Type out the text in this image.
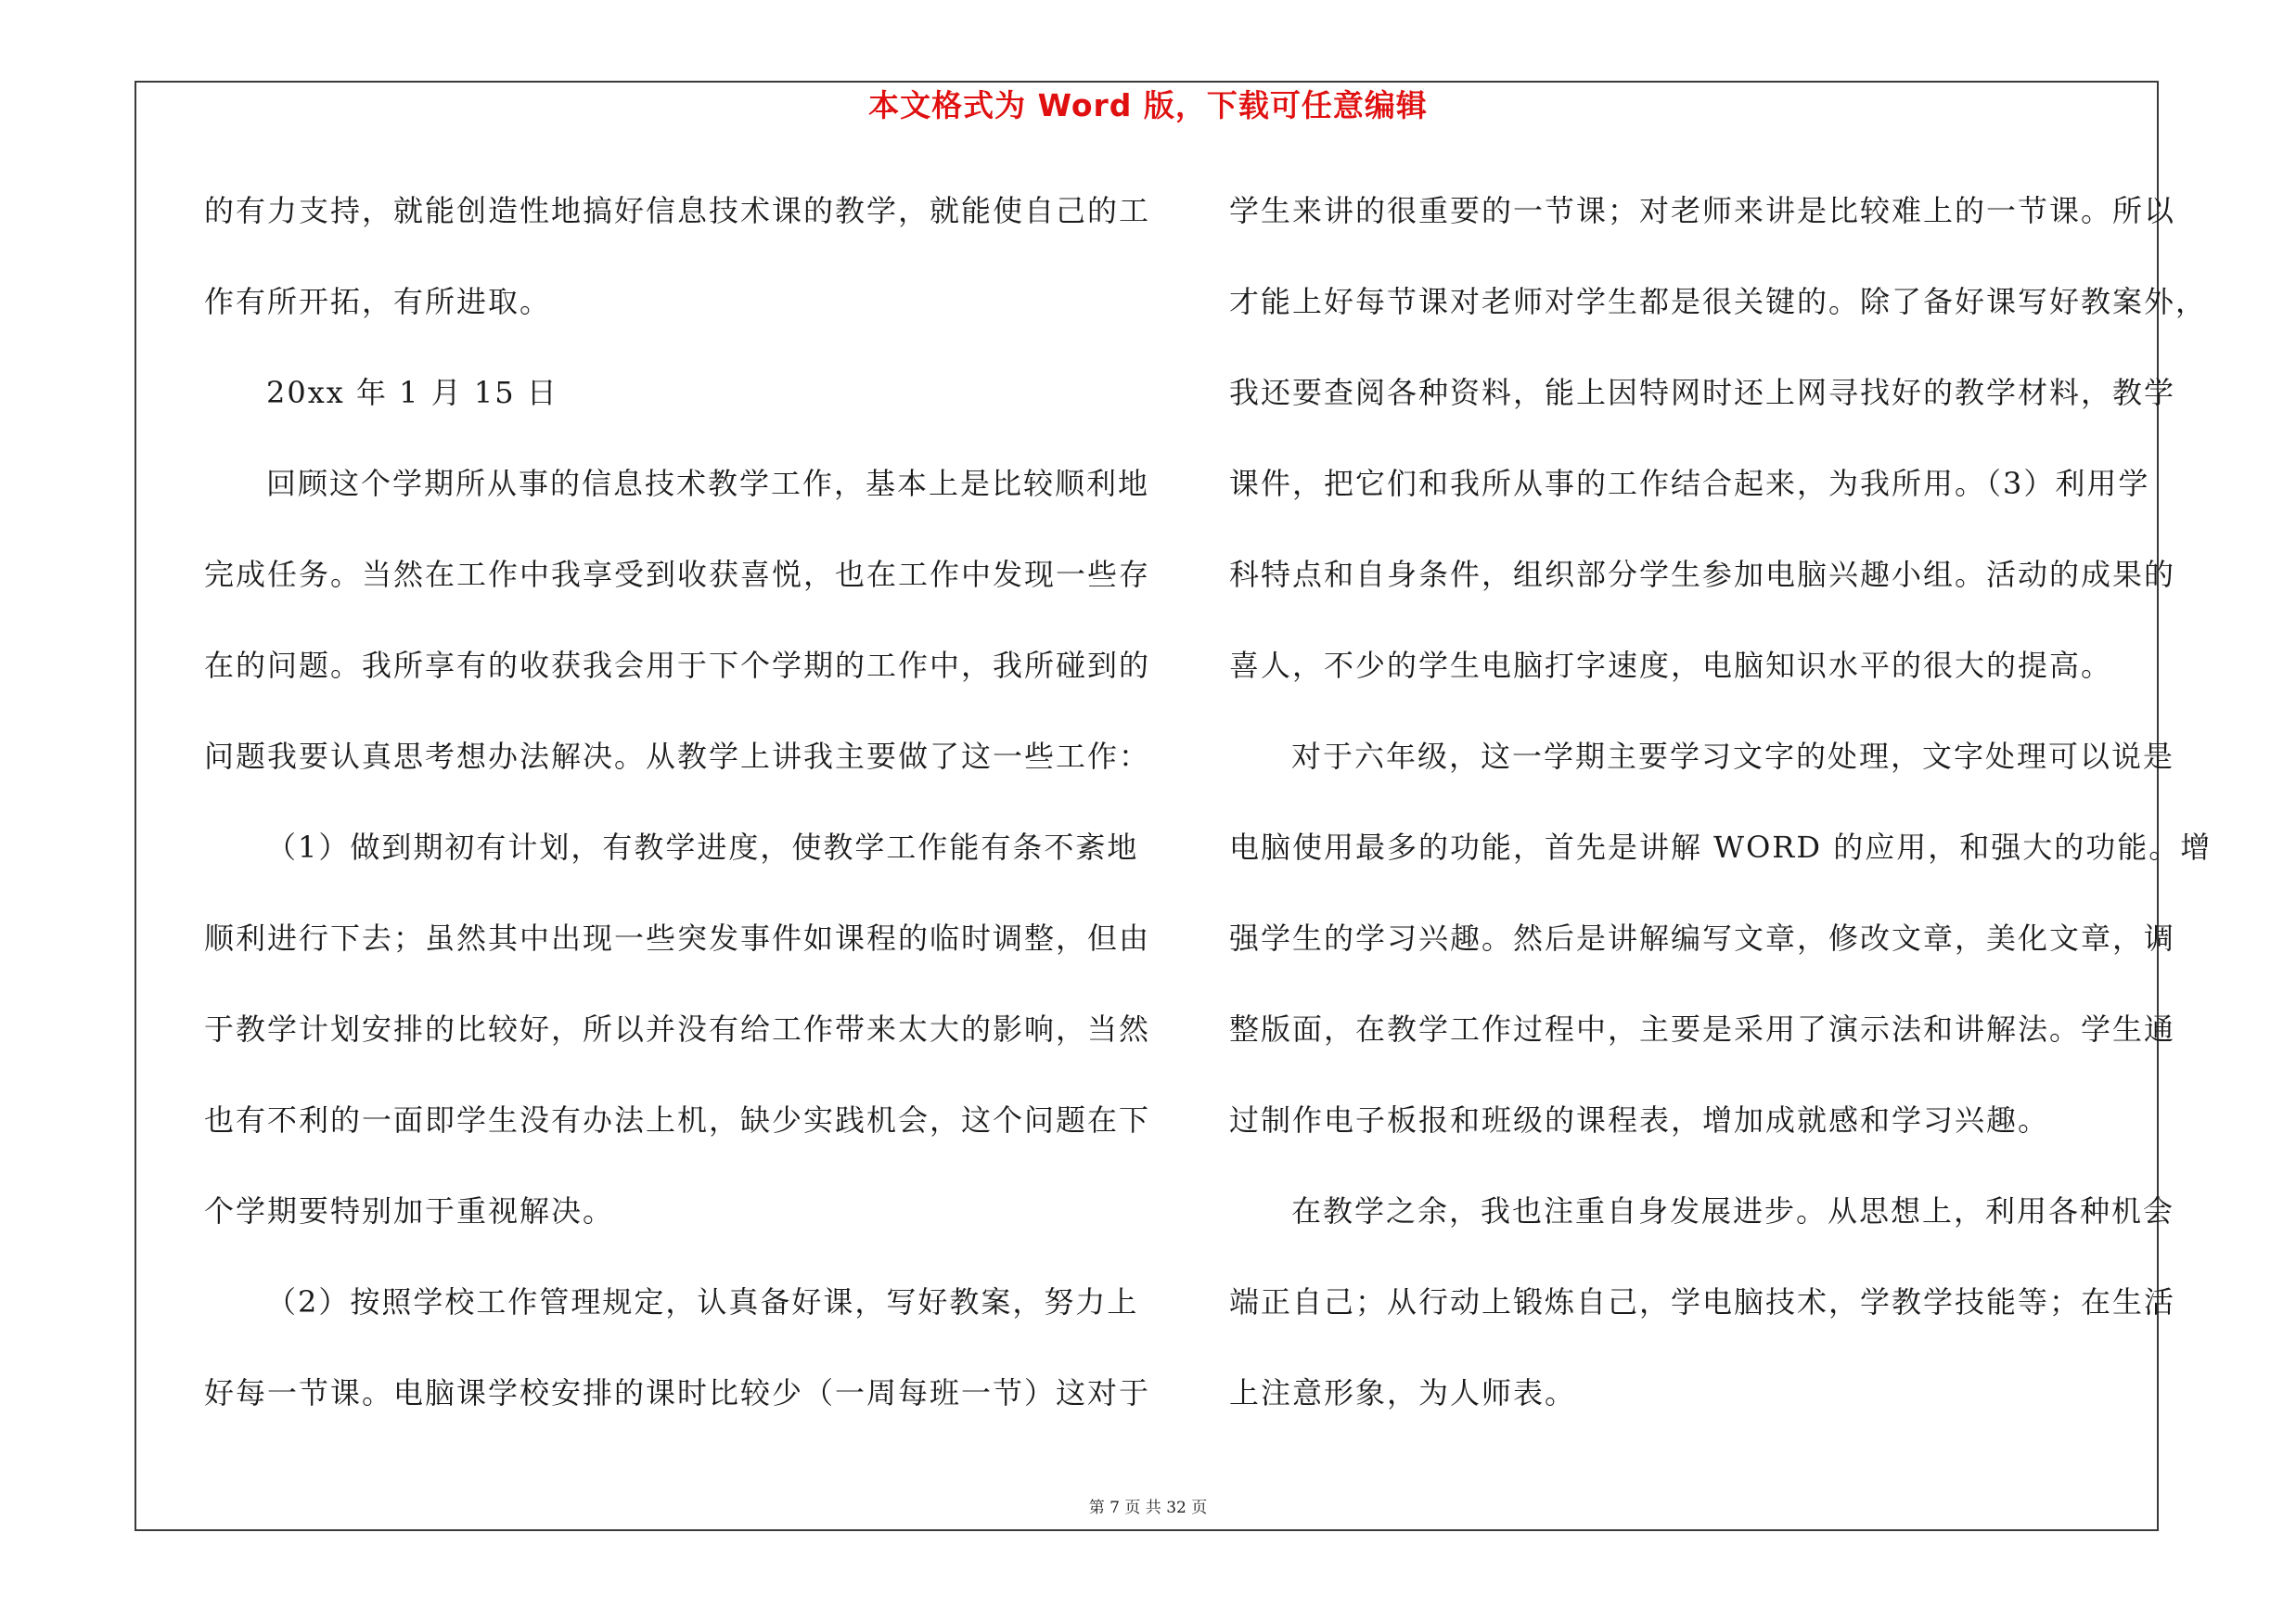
本文格式为 Word 版，下载可任意编辑
的有力支持，就能创造性地搞好信息技术课的教学，就能使自己的工
作有所开拓，有所进取。
20xx 年 1 月 15 日
回顾这个学期所从事的信息技术教学工作，基本上是比较顺利地
完成任务。当然在工作中我享受到收获喜悦，也在工作中发现一些存
在的问题。我所享有的收获我会用于下个学期的工作中，我所碰到的
问题我要认真思考想办法解决。从教学上讲我主要做了这一些工作：
（1）做到期初有计划，有教学进度，使教学工作能有条不紊地
顺利进行下去；虽然其中出现一些突发事件如课程的临时调整，但由
于教学计划安排的比较好，所以并没有给工作带来太大的影响，当然
也有不利的一面即学生没有办法上机，缺少实践机会，这个问题在下
个学期要特别加于重视解决。
（2）按照学校工作管理规定，认真备好课，写好教案，努力上
好每一节课。电脑课学校安排的课时比较少（一周每班一节）这对于
学生来讲的很重要的一节课；对老师来讲是比较难上的一节课。所以
才能上好每节课对老师对学生都是很关键的。除了备好课写好教案外，
我还要查阅各种资料，能上因特网时还上网寻找好的教学材料，教学
课件，把它们和我所从事的工作结合起来，为我所用。（3）利用学
科特点和自身条件，组织部分学生参加电脑兴趣小组。活动的成果的
喜人，不少的学生电脑打字速度，电脑知识水平的很大的提高。
对于六年级，这一学期主要学习文字的处理，文字处理可以说是
电脑使用最多的功能，首先是讲解 WORD 的应用，和强大的功能。增
强学生的学习兴趣。然后是讲解编写文章，修改文章，美化文章，调
整版面，在教学工作过程中，主要是采用了演示法和讲解法。学生通
过制作电子板报和班级的课程表，增加成就感和学习兴趣。
在教学之余，我也注重自身发展进步。从思想上，利用各种机会
端正自己；从行动上锻炼自己，学电脑技术，学教学技能等；在生活
上注意形象，为人师表。
第 7 页 共 32 页
